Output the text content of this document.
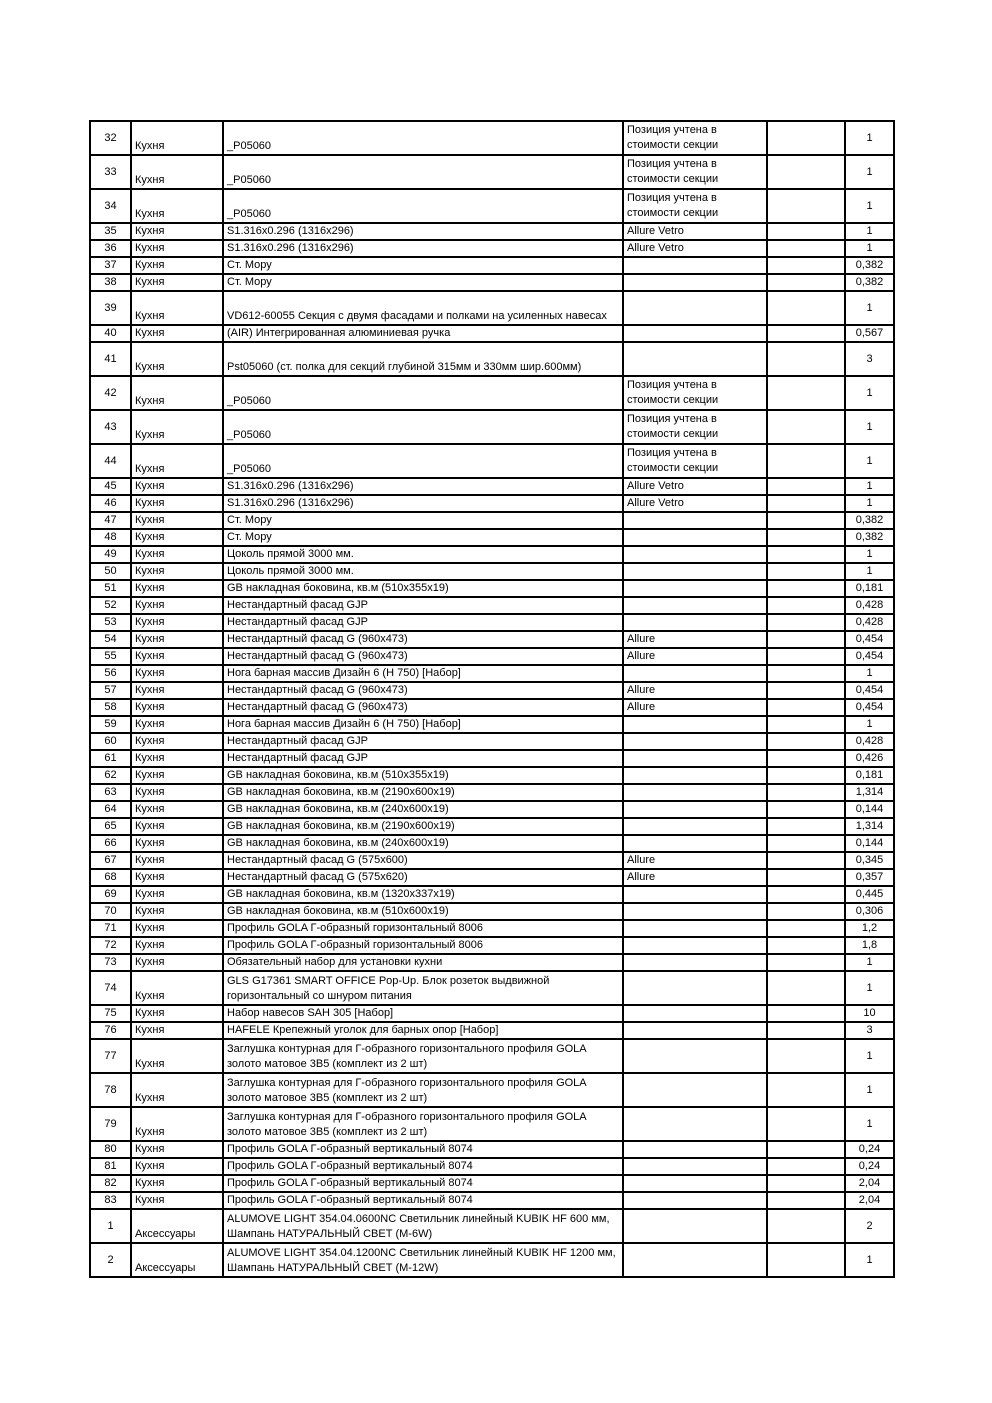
32	Кухня	_P05060	Позиция учтена в стоимости секции		1
33	Кухня	_P05060	Позиция учтена в стоимости секции		1
34	Кухня	_P05060	Позиция учтена в стоимости секции		1
35	Кухня	S1.316x0.296 (1316x296)	Allure Vetro		1
36	Кухня	S1.316x0.296 (1316x296)	Allure Vetro		1
37	Кухня	Ст. Мору			0,382
38	Кухня	Ст. Мору			0,382
39	Кухня	VD612-60055 Секция с двумя фасадами и полками на усиленных навесах			1
40	Кухня	(AIR) Интегрированная алюминиевая ручка			0,567
41	Кухня	Pst05060 (ст. полка для секций глубиной 315мм и 330мм шир.600мм)			3
42	Кухня	_P05060	Позиция учтена в стоимости секции		1
43	Кухня	_P05060	Позиция учтена в стоимости секции		1
44	Кухня	_P05060	Позиция учтена в стоимости секции		1
45	Кухня	S1.316x0.296 (1316x296)	Allure Vetro		1
46	Кухня	S1.316x0.296 (1316x296)	Allure Vetro		1
47	Кухня	Ст. Мору			0,382
48	Кухня	Ст. Мору			0,382
49	Кухня	Цоколь прямой 3000 мм.			1
50	Кухня	Цоколь прямой 3000 мм.			1
51	Кухня	GB накладная боковина, кв.м (510x355x19)			0,181
52	Кухня	Нестандартный фасад GJP			0,428
53	Кухня	Нестандартный фасад GJP			0,428
54	Кухня	Нестандартный фасад G (960x473)	Allure		0,454
55	Кухня	Нестандартный фасад G (960x473)	Allure		0,454
56	Кухня	Нога барная массив Дизайн 6 (Н 750) [Набор]			1
57	Кухня	Нестандартный фасад G (960x473)	Allure		0,454
58	Кухня	Нестандартный фасад G (960x473)	Allure		0,454
59	Кухня	Нога барная массив Дизайн 6 (Н 750) [Набор]			1
60	Кухня	Нестандартный фасад GJP			0,428
61	Кухня	Нестандартный фасад GJP			0,426
62	Кухня	GB накладная боковина, кв.м (510x355x19)			0,181
63	Кухня	GB накладная боковина, кв.м (2190x600x19)			1,314
64	Кухня	GB накладная боковина, кв.м (240x600x19)			0,144
65	Кухня	GB накладная боковина, кв.м (2190x600x19)			1,314
66	Кухня	GB накладная боковина, кв.м (240x600x19)			0,144
67	Кухня	Нестандартный фасад G (575x600)	Allure		0,345
68	Кухня	Нестандартный фасад G (575x620)	Allure		0,357
69	Кухня	GB накладная боковина, кв.м (1320x337x19)			0,445
70	Кухня	GB накладная боковина, кв.м (510x600x19)			0,306
71	Кухня	Профиль GOLA Г-образный горизонтальный 8006			1,2
72	Кухня	Профиль GOLA Г-образный горизонтальный 8006			1,8
73	Кухня	Обязательный набор для установки кухни			1
74	Кухня	GLS G17361 SMART OFFICE Pop-Up. Блок розеток выдвижной горизонтальный со шнуром питания			1
75	Кухня	Набор навесов SAH 305 [Набор]			10
76	Кухня	HAFELE Крепежный уголок для барных опор [Набор]			3
77	Кухня	Заглушка контурная для Г-образного горизонтального профиля GOLA золото матовое 3B5 (комплект из 2 шт)			1
78	Кухня	Заглушка контурная для Г-образного горизонтального профиля GOLA золото матовое 3B5 (комплект из 2 шт)			1
79	Кухня	Заглушка контурная для Г-образного горизонтального профиля GOLA золото матовое 3B5 (комплект из 2 шт)			1
80	Кухня	Профиль GOLA Г-образный вертикальный 8074			0,24
81	Кухня	Профиль GOLA Г-образный вертикальный 8074			0,24
82	Кухня	Профиль GOLA Г-образный вертикальный 8074			2,04
83	Кухня	Профиль GOLA Г-образный вертикальный 8074			2,04
1	Аксессуары	ALUMOVE LIGHT 354.04.0600NC Светильник линейный KUBIK HF 600 мм, Шампань НАТУРАЛЬНЫЙ СВЕТ (M-6W)			2
2	Аксессуары	ALUMOVE LIGHT 354.04.1200NC Светильник линейный KUBIK HF 1200 мм, Шампань НАТУРАЛЬНЫЙ СВЕТ (M-12W)			1
